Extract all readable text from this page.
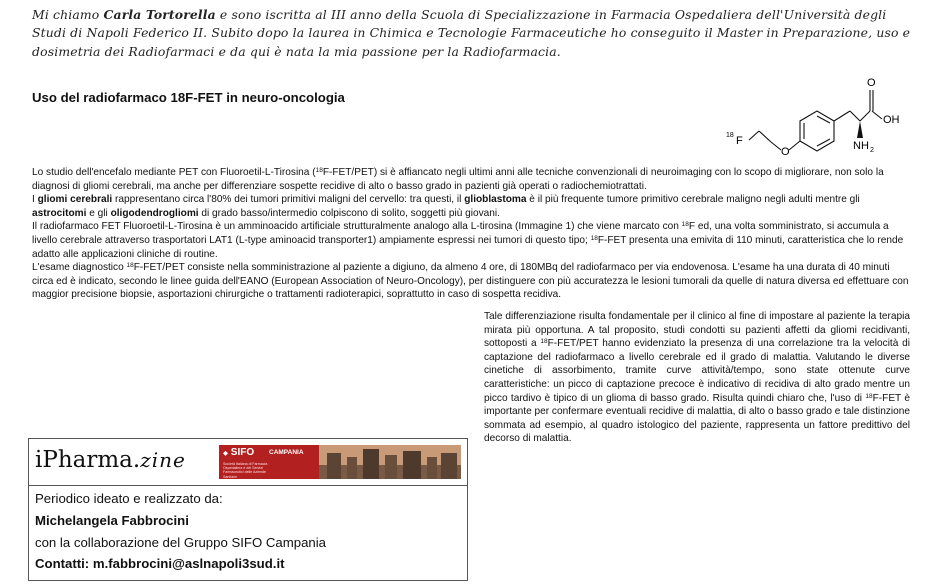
Mi chiamo Carla Tortorella e sono iscritta al III anno della Scuola di Specializzazione in Farmacia Ospedaliera dell'Università degli Studi di Napoli Federico II. Subito dopo la laurea in Chimica e Tecnologie Farmaceutiche ho conseguito il Master in Preparazione, uso e dosimetria dei Radiofarmaci e da qui è nata la mia passione per la Radiofarmacia.
Uso del radiofarmaco 18F-FET in neuro-oncologia
O
OH
NH 2
O
18 F

Lo studio dell'encefalo mediante PET con Fluoroetil-L-Tirosina ($^{18}$F-FET/PET) si è affiancato negli ultimi anni alle tecniche convenzionali di neuroimaging con lo scopo di migliorare, non solo la diagnosi di gliomi cerebrali, ma anche per differenziare sospette recidive di alto o basso grado in pazienti già operati o radiochemiotrattati.

I gliomi cerebrali rappresentano circa l'80% dei tumori primitivi maligni del cervello: tra questi, il glioblastoma è il più frequente tumore primitivo cerebrale maligno negli adulti mentre gli astrocitomi e gli oligodendrogliomi di grado basso/intermedio colpiscono di solito, soggetti più giovani.

Il radiofarmaco FET Fluoroetil-L-Tirosina è un amminoacido artificiale strutturalmente analogo alla L-tirosina (Immagine 1) che viene marcato con $^{18}$F ed, una volta somministrato, si accumula a livello cerebrale attraverso trasportatori LAT1 (L-type aminoacid transporter1) ampiamente espressi nei tumori di questo tipo; $^{18}$F-FET presenta una emivita di 110 minuti, caratteristica che lo rende adatto alle applicazioni cliniche di routine.

L'esame diagnostico $^{18}$F-FET/PET consiste nella somministrazione al paziente a digiuno, da almeno 4 ore, di 180MBq del radiofarmaco per via endovenosa. L'esame ha una durata di 40 minuti circa ed è indicato, secondo le linee guida dell'EANO (European Association of Neuro-Oncology), per distinguere con più accuratezza le lesioni tumorali da quelle di natura diversa ed effettuare con maggior precisione biopsie, asportazioni chirurgiche o trattamenti radioterapici, soprattutto in caso di sospetta recidiva.

Tale differenziazione risulta fondamentale per il clinico al fine di impostare al paziente la terapia mirata più opportuna. A tal proposito, studi condotti su pazienti affetti da gliomi recidivanti, sottoposti a $^{18}$F-FET/PET hanno evidenziato la presenza di una correlazione tra la velocità di captazione del radiofarmaco a livello cerebrale ed il grado di malattia. Valutando le diverse cinetiche di assorbimento, tramite curve attività/tempo, sono state ottenute curve caratteristiche: un picco di captazione precoce è indicativo di recidiva di alto grado mentre un picco tardivo è tipico di un glioma di basso grado. Risulta quindi chiaro che, l'uso di $^{18}$F-FET è importante per confermare eventuali recidive di malattia, di alto o basso grado e tale distinzione sommata ad esempio, al quadro istologico del paziente, rappresenta un fattore predittivo del decorso di malattia.
iPharma.zine	◆ SIFO CAMPANIA
Società Italiana di Farmacia Ospedaliera e dei Servizi Farmaceutici delle Aziende Sanitarie
Periodico ideato e realizzato da:
Michelangela Fabbrocini
con la collaborazione del Gruppo SIFO Campania
Contatti: m.fabbrocini@aslnapoli3sud.it
